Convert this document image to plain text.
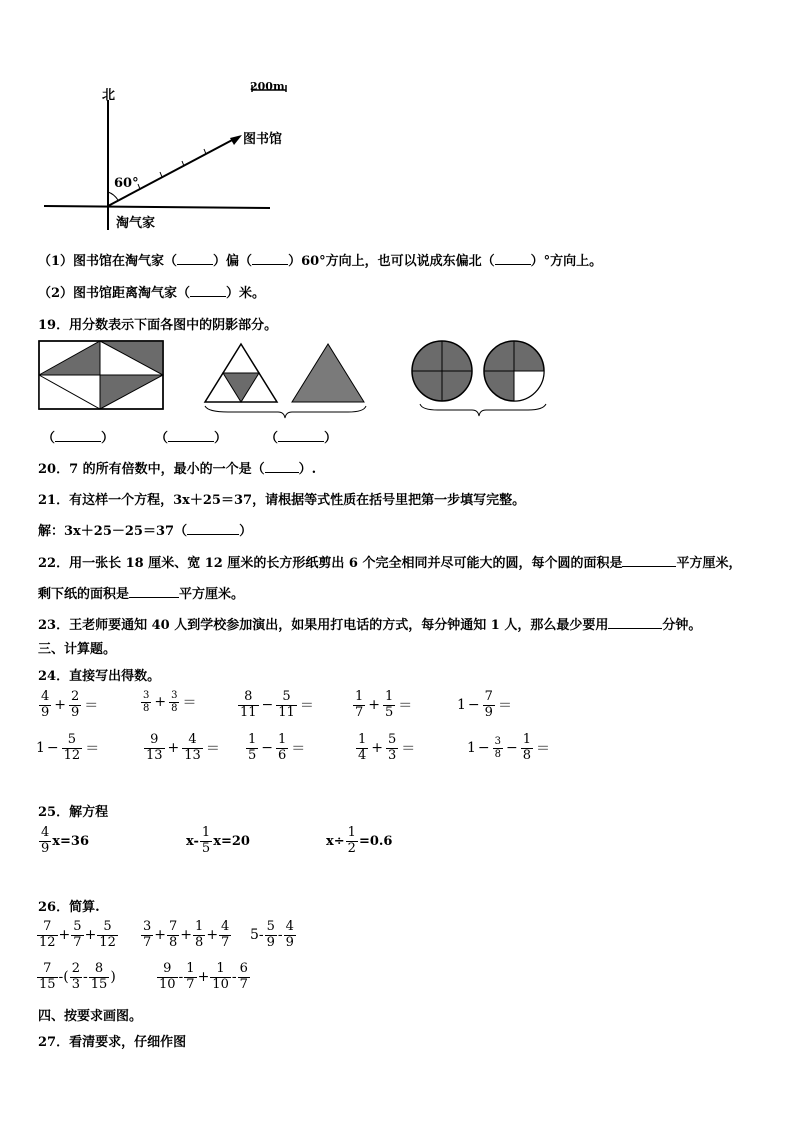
北
200m
图书馆
60°
淘气家
（1）图书馆在淘气家（	）偏（	）60°方向上，也可以说成东偏北（	）°方向上。
（2）图书馆距离淘气家（	）米。
19．用分数表示下面各图中的阴影部分。
（	）	（	）	（	）
20．7 的所有倍数中，最小的一个是（	）.
21．有这样一个方程，3x＋25＝37，请根据等式性质在括号里把第一步填写完整。
解：3x＋25－25＝37（	）
22．用一张长 18 厘米、宽 12 厘米的长方形纸剪出 6 个完全相同并尽可能大的圆，每个圆的面积是	平方厘米，
剩下纸的面积是	平方厘米。
23．王老师要通知 40 人到学校参加演出，如果用打电话的方式，每分钟通知 1 人，那么最少要用	分钟。
三、计算题。
24．直接写出得数。
$\frac{4}{9} + \frac{2}{9}$ ＝	$\frac{3}{8} + \frac{3}{8}$ ＝	$\frac{8}{11} - \frac{5}{11}$ ＝	$\frac{1}{7} + \frac{1}{5}$ ＝	$1 - \frac{7}{9}$ ＝
$1 - \frac{5}{12}$ ＝	$\frac{9}{13} + \frac{4}{13} = \frac{1}{5} - \frac{1}{6}$ ＝	$\frac{1}{4} + \frac{5}{3}$ ＝	$1 - \frac{3}{8} - \frac{1}{8}$ ＝
25．解方程
$\frac{4}{9} x=36$	$x- \frac{1}{5} x=20$	$x\div \frac{1}{2} =0.6$
26．简算.
$\frac{7}{12} + \frac{5}{7} + \frac{5}{12} \frac{3}{7} + \frac{7}{8} + \frac{1}{8} + \frac{4}{7} 5- \frac{5}{9} - \frac{4}{9}$
$\frac{7}{15}$ - ( $\frac{2}{3} - \frac{8}{15}$ )	$\frac{9}{10} - \frac{1}{7} + \frac{1}{10} - \frac{6}{7}$
四、按要求画图。
27．看清要求，仔细作图
